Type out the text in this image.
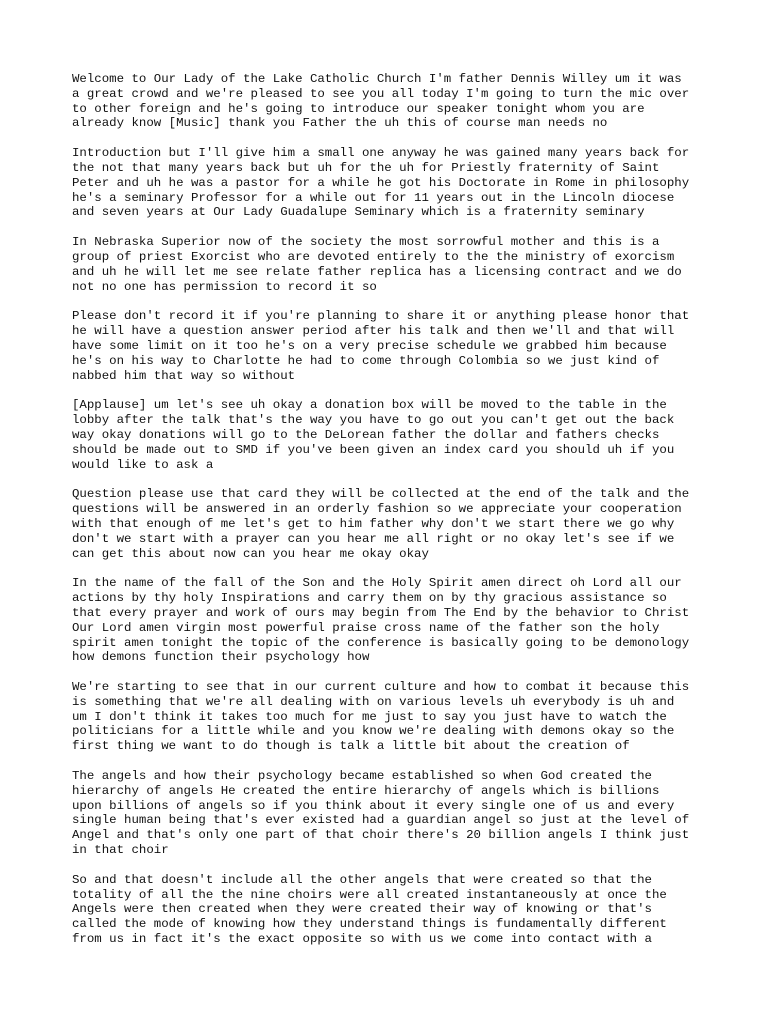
Welcome to Our Lady of the Lake Catholic Church I'm father Dennis Willey um it was
a great crowd and we're pleased to see you all today I'm going to turn the mic over
to other foreign and he's going to introduce our speaker tonight whom you are
already know [Music] thank you Father the uh this of course man needs no

Introduction but I'll give him a small one anyway he was gained many years back for
the not that many years back but uh for the uh for Priestly fraternity of Saint
Peter and uh he was a pastor for a while he got his Doctorate in Rome in philosophy
he's a seminary Professor for a while out for 11 years out in the Lincoln diocese
and seven years at Our Lady Guadalupe Seminary which is a fraternity seminary

In Nebraska Superior now of the society the most sorrowful mother and this is a
group of priest Exorcist who are devoted entirely to the the ministry of exorcism
and uh he will let me see relate father replica has a licensing contract and we do
not no one has permission to record it so

Please don't record it if you're planning to share it or anything please honor that
he will have a question answer period after his talk and then we'll and that will
have some limit on it too he's on a very precise schedule we grabbed him because
he's on his way to Charlotte he had to come through Colombia so we just kind of
nabbed him that way so without

[Applause] um let's see uh okay a donation box will be moved to the table in the
lobby after the talk that's the way you have to go out you can't get out the back
way okay donations will go to the DeLorean father the dollar and fathers checks
should be made out to SMD if you've been given an index card you should uh if you
would like to ask a

Question please use that card they will be collected at the end of the talk and the
questions will be answered in an orderly fashion so we appreciate your cooperation
with that enough of me let's get to him father why don't we start there we go why
don't we start with a prayer can you hear me all right or no okay let's see if we
can get this about now can you hear me okay okay

In the name of the fall of the Son and the Holy Spirit amen direct oh Lord all our
actions by thy holy Inspirations and carry them on by thy gracious assistance so
that every prayer and work of ours may begin from The End by the behavior to Christ
Our Lord amen virgin most powerful praise cross name of the father son the holy
spirit amen tonight the topic of the conference is basically going to be demonology
how demons function their psychology how

We're starting to see that in our current culture and how to combat it because this
is something that we're all dealing with on various levels uh everybody is uh and
um I don't think it takes too much for me just to say you just have to watch the
politicians for a little while and you know we're dealing with demons okay so the
first thing we want to do though is talk a little bit about the creation of

The angels and how their psychology became established so when God created the
hierarchy of angels He created the entire hierarchy of angels which is billions
upon billions of angels so if you think about it every single one of us and every
single human being that's ever existed had a guardian angel so just at the level of
Angel and that's only one part of that choir there's 20 billion angels I think just
in that choir

So and that doesn't include all the other angels that were created so that the
totality of all the the nine choirs were all created instantaneously at once the
Angels were then created when they were created their way of knowing or that's
called the mode of knowing how they understand things is fundamentally different
from us in fact it's the exact opposite so with us we come into contact with a
